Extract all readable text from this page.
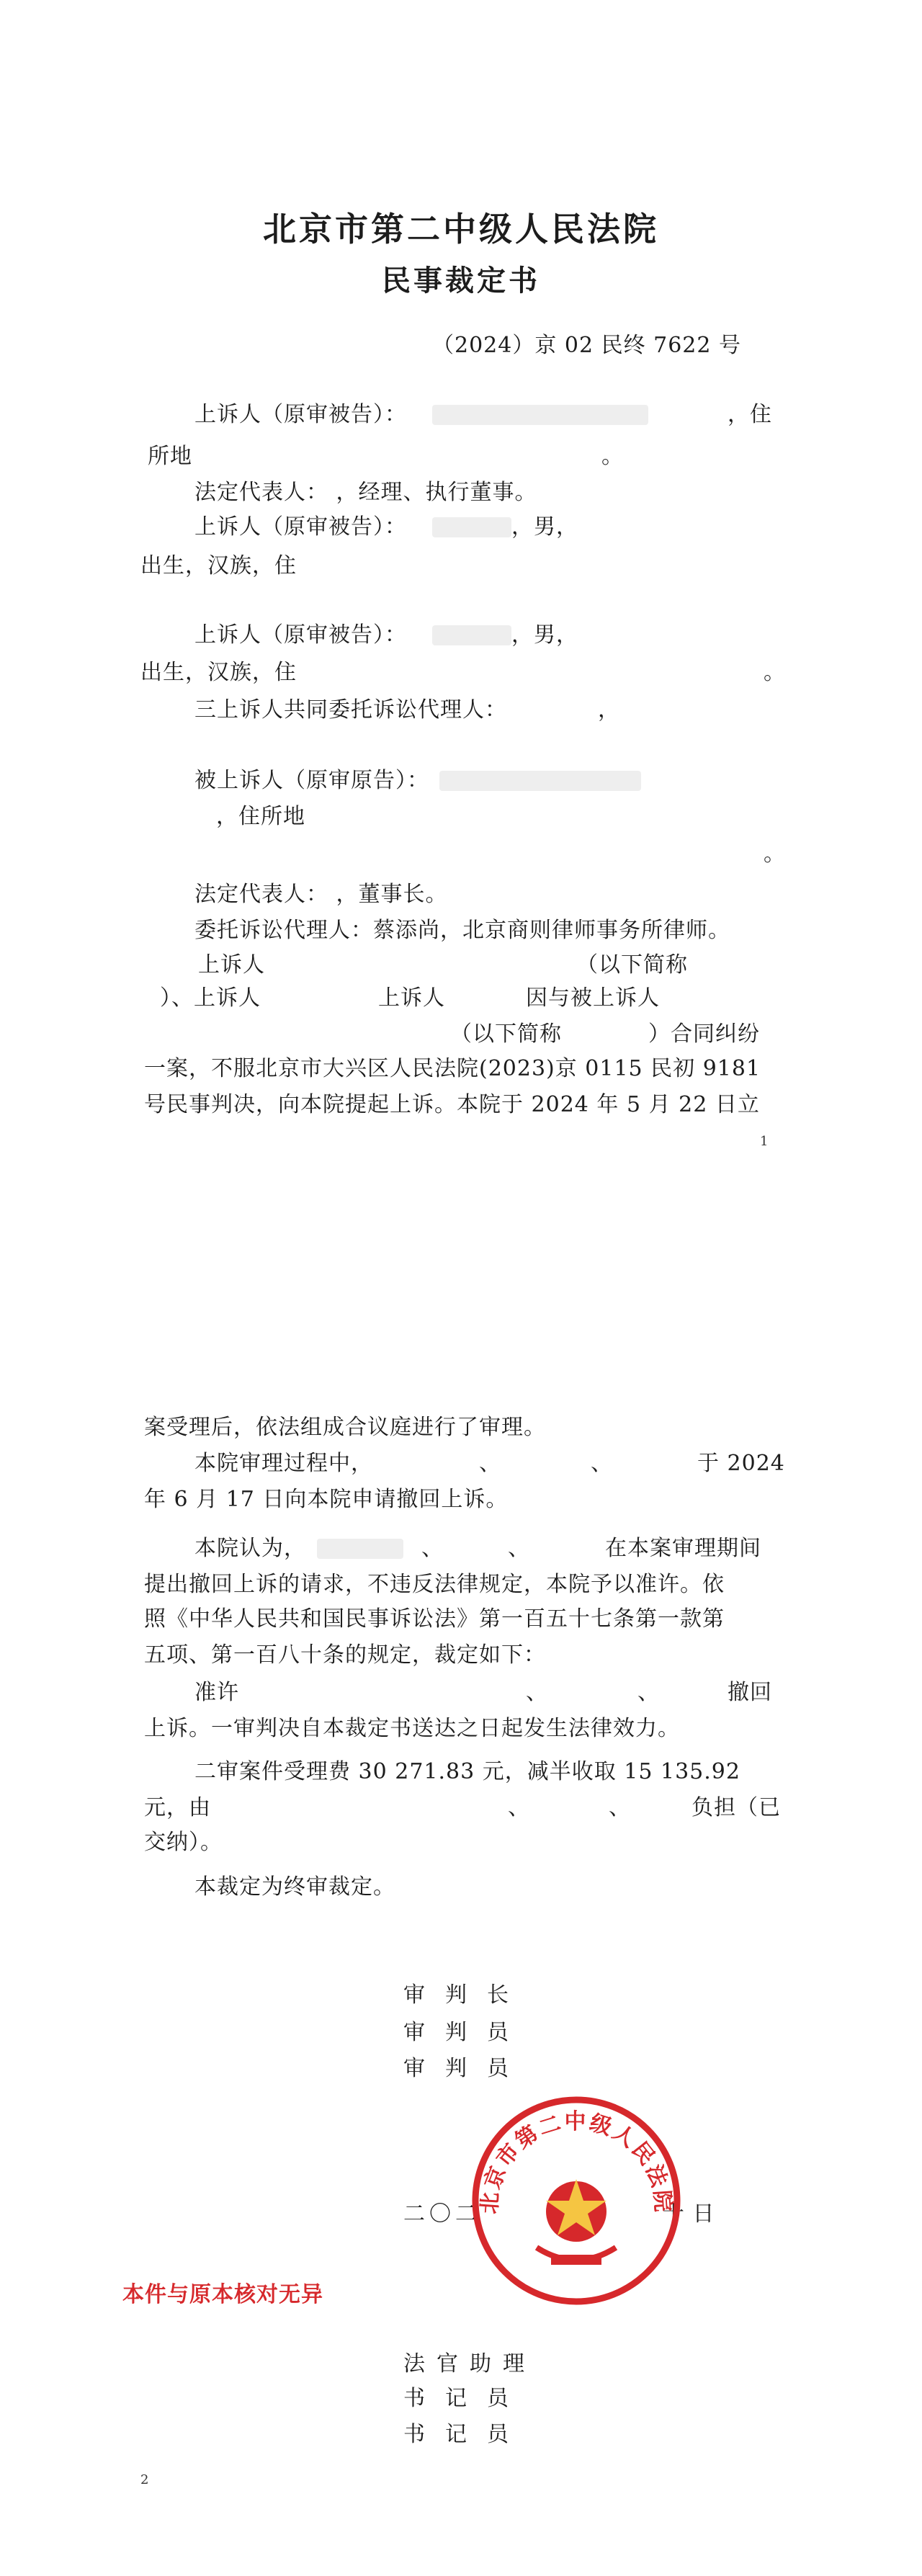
北京市第二中级人民法院
民事裁定书
（2024）京 02 民终 7622 号
上诉人（原审被告）：	，住
所地	。
法定代表人： ，经理、执行董事。
上诉人（原审被告）：	，男，
出生，汉族，住
上诉人（原审被告）：	，男，
出生，汉族，住	。
三上诉人共同委托诉讼代理人：	，
被上诉人（原审原告）：
，住所地
。
法定代表人： ，董事长。
委托诉讼代理人：蔡添尚，北京商则律师事务所律师。
上诉人	（以下简称
）、上诉人	上诉人	因与被上诉人
（以下简称	）合同纠纷
一案，不服北京市大兴区人民法院(2023)京 0115 民初 9181
号民事判决，向本院提起上诉。本院于 2024 年 5 月 22 日立
1
案受理后，依法组成合议庭进行了审理。
本院审理过程中，	、	、	于 2024
年 6 月 17 日向本院申请撤回上诉。
本院认为，	、	、	在本案审理期间
提出撤回上诉的请求，不违反法律规定，本院予以准许。依
照《中华人民共和国民事诉讼法》第一百五十七条第一款第
五项、第一百八十条的规定，裁定如下：
准许	、	、	撤回
上诉。一审判决自本裁定书送达之日起发生法律效力。
二审案件受理费 30 271.83 元，减半收取 15 135.92
元，由	、	、	负担（已
交纳）。
本裁定为终审裁定。
审判长
审判员
审判员
二〇二	十 日
本件与原本核对无异
北京市第二中级人民法院
法官助理
书记员
书记员
2
